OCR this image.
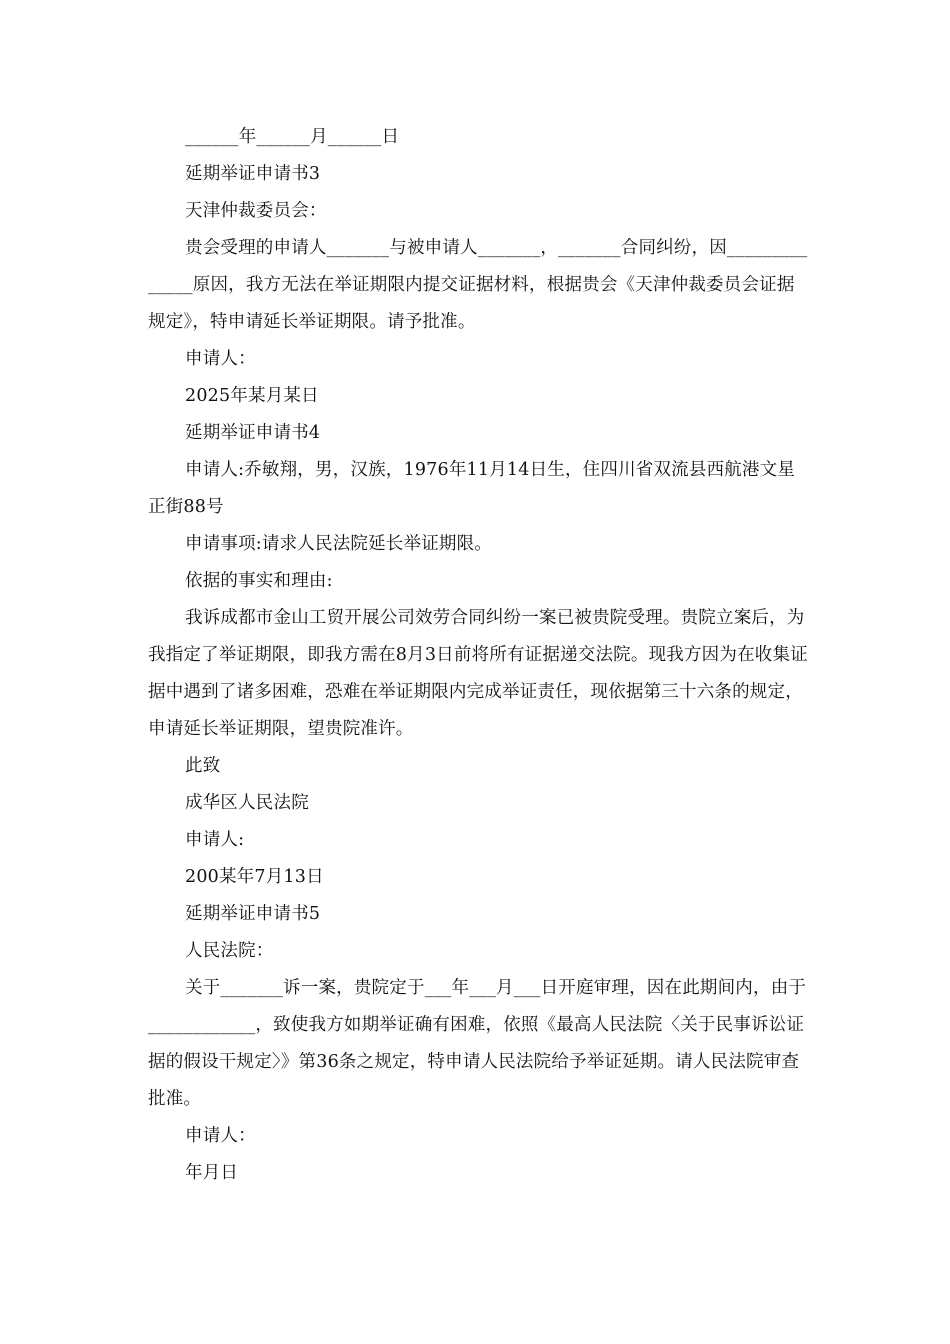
______年______月______日

延期举证申请书3

天津仲裁委员会：

贵会受理的申请人_______与被申请人_______，_______合同纠纷，因______________原因，我方无法在举证期限内提交证据材料，根据贵会《天津仲裁委员会证据规定》，特申请延长举证期限。请予批准。

申请人：

2025年某月某日

延期举证申请书4

申请人:乔敏翔，男，汉族，1976年11月14日生，住四川省双流县西航港文星正街88号

申请事项:请求人民法院延长举证期限。

依据的事实和理由:

我诉成都市金山工贸开展公司效劳合同纠纷一案已被贵院受理。贵院立案后，为我指定了举证期限，即我方需在8月3日前将所有证据递交法院。现我方因为在收集证据中遇到了诸多困难，恐难在举证期限内完成举证责任，现依据第三十六条的规定，申请延长举证期限，望贵院准许。

此致

成华区人民法院

申请人:

200某年7月13日

延期举证申请书5

人民法院：

关于_______诉一案，贵院定于___年___月___日开庭审理，因在此期间内，由于____________，致使我方如期举证确有困难，依照《最高人民法院〈关于民事诉讼证据的假设干规定〉》第36条之规定，特申请人民法院给予举证延期。请人民法院审查批准。

申请人：

年月日
